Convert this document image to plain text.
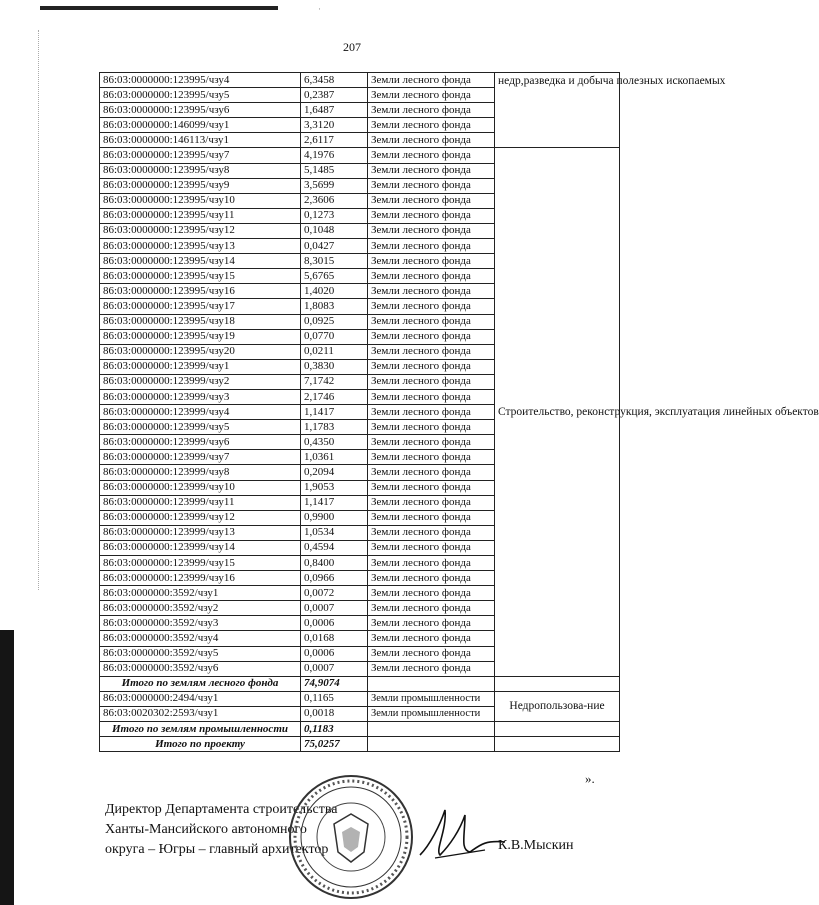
·
207
86:03:0000000:123995/чзу4	6,3458	Земли лесного фонда	недр,разведка и добыча полезных ископаемых
86:03:0000000:123995/чзу5	0,2387	Земли лесного фонда	
86:03:0000000:123995/чзу6	1,6487	Земли лесного фонда	
86:03:0000000:146099/чзу1	3,3120	Земли лесного фонда	
86:03:0000000:146113/чзу1	2,6117	Земли лесного фонда	
86:03:0000000:123995/чзу7	4,1976	Земли лесного фонда	Строительство, реконструкция, эксплуатация линейных объектов
86:03:0000000:123995/чзу8	5,1485	Земли лесного фонда	
86:03:0000000:123995/чзу9	3,5699	Земли лесного фонда	
86:03:0000000:123995/чзу10	2,3606	Земли лесного фонда	
86:03:0000000:123995/чзу11	0,1273	Земли лесного фонда	
86:03:0000000:123995/чзу12	0,1048	Земли лесного фонда	
86:03:0000000:123995/чзу13	0,0427	Земли лесного фонда	
86:03:0000000:123995/чзу14	8,3015	Земли лесного фонда	
86:03:0000000:123995/чзу15	5,6765	Земли лесного фонда	
86:03:0000000:123995/чзу16	1,4020	Земли лесного фонда	
86:03:0000000:123995/чзу17	1,8083	Земли лесного фонда	
86:03:0000000:123995/чзу18	0,0925	Земли лесного фонда	
86:03:0000000:123995/чзу19	0,0770	Земли лесного фонда	
86:03:0000000:123995/чзу20	0,0211	Земли лесного фонда	
86:03:0000000:123999/чзу1	0,3830	Земли лесного фонда	
86:03:0000000:123999/чзу2	7,1742	Земли лесного фонда	
86:03:0000000:123999/чзу3	2,1746	Земли лесного фонда	
86:03:0000000:123999/чзу4	1,1417	Земли лесного фонда	
86:03:0000000:123999/чзу5	1,1783	Земли лесного фонда	
86:03:0000000:123999/чзу6	0,4350	Земли лесного фонда	
86:03:0000000:123999/чзу7	1,0361	Земли лесного фонда	
86:03:0000000:123999/чзу8	0,2094	Земли лесного фонда	
86:03:0000000:123999/чзу10	1,9053	Земли лесного фонда	
86:03:0000000:123999/чзу11	1,1417	Земли лесного фонда	
86:03:0000000:123999/чзу12	0,9900	Земли лесного фонда	
86:03:0000000:123999/чзу13	1,0534	Земли лесного фонда	
86:03:0000000:123999/чзу14	0,4594	Земли лесного фонда	
86:03:0000000:123999/чзу15	0,8400	Земли лесного фонда	
86:03:0000000:123999/чзу16	0,0966	Земли лесного фонда	
86:03:0000000:3592/чзу1	0,0072	Земли лесного фонда	
86:03:0000000:3592/чзу2	0,0007	Земли лесного фонда	
86:03:0000000:3592/чзу3	0,0006	Земли лесного фонда	
86:03:0000000:3592/чзу4	0,0168	Земли лесного фонда	
86:03:0000000:3592/чзу5	0,0006	Земли лесного фонда	
86:03:0000000:3592/чзу6	0,0007	Земли лесного фонда	
Итого по землям лесного фонда	74,9074		
86:03:0000000:2494/чзу1	0,1165	Земли промышленности	Недропользова-ние
86:03:0020302:2593/чзу1	0,0018	Земли промышленности	
Итого по землям промышленности	0,1183		
Итого по проекту	75,0257		
».
Директор Департамента строительства
Ханты-Мансийского автономного
округа – Югры – главный архитектор	К.В.Мыскин
